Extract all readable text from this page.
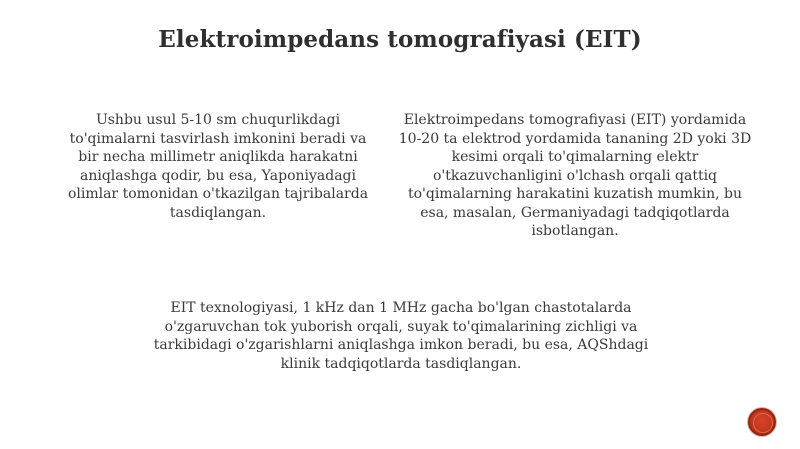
Elektroimpedans tomografiyasi (EIT)
Ushbu usul 5-10 sm chuqurlikdagi to'qimalarni tasvirlash imkonini beradi va bir necha millimetr aniqlikda harakatni aniqlashga qodir, bu esa, Yaponiyadagi olimlar tomonidan o'tkazilgan tajribalarda tasdiqlangan.
Elektroimpedans tomografiyasi (EIT) yordamida 10-20 ta elektrod yordamida tananing 2D yoki 3D kesimi orqali to'qimalarning elektr o'tkazuvchanligini o'lchash orqali qattiq to'qimalarning harakatini kuzatish mumkin, bu esa, masalan, Germaniyadagi tadqiqotlarda isbotlangan.
EIT texnologiyasi, 1 kHz dan 1 MHz gacha bo'lgan chastotalarda o'zgaruvchan tok yuborish orqali, suyak to'qimalarining zichligi va tarkibidagi o'zgarishlarni aniqlashga imkon beradi, bu esa, AQShdagi klinik tadqiqotlarda tasdiqlangan.
